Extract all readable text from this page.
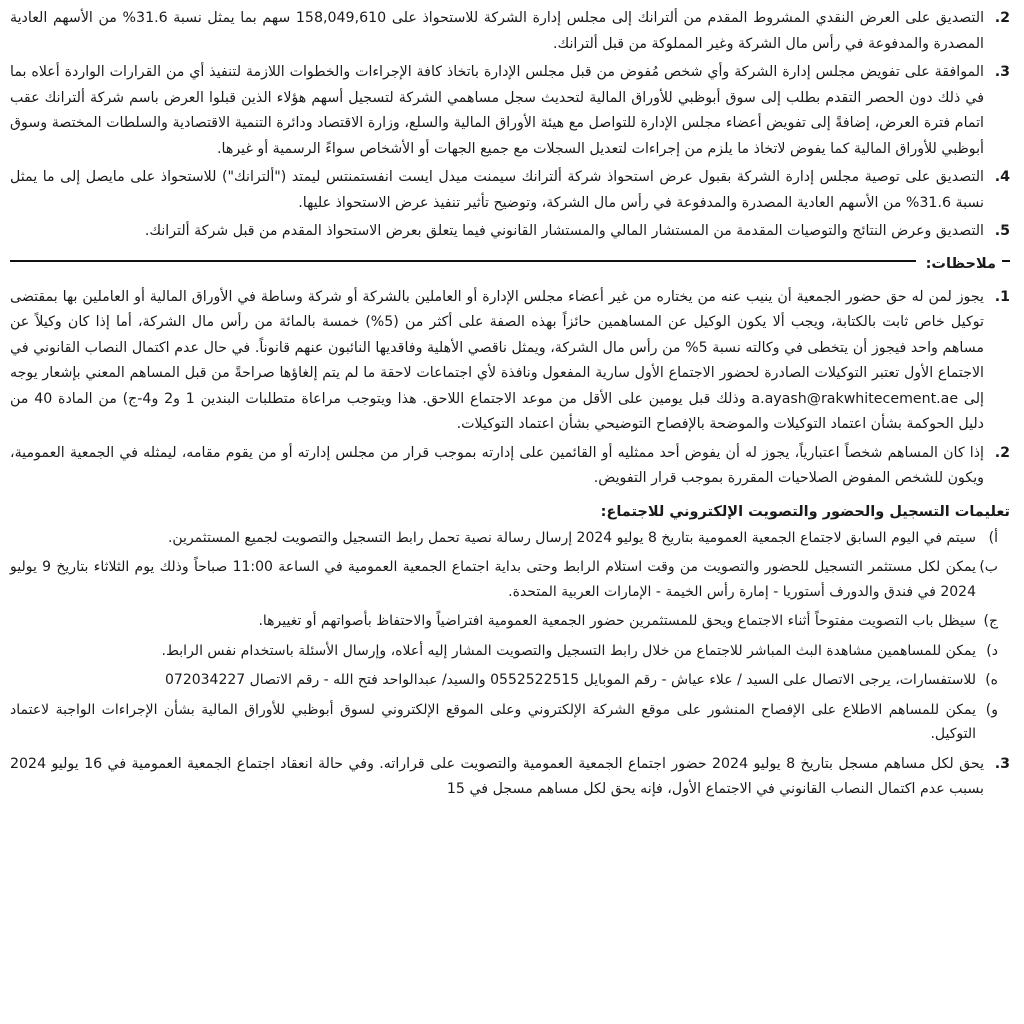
2.
التصديق على العرض النقدي المشروط المقدم من ألترانك إلى مجلس إدارة الشركة للاستحواذ على 158,049,610 سهم بما يمثل نسبة 31.6% من الأسهم العادية المصدرة والمدفوعة في رأس مال الشركة وغير المملوكة من قبل ألترانك.
3.
الموافقة على تفويض مجلس إدارة الشركة وأي شخص مُفوض من قبل مجلس الإدارة باتخاذ كافة الإجراءات والخطوات اللازمة لتنفيذ أي من القرارات الواردة أعلاه بما في ذلك دون الحصر التقدم بطلب إلى سوق أبوظبي للأوراق المالية لتحديث سجل مساهمي الشركة لتسجيل أسهم هؤلاء الذين قبلوا العرض باسم شركة ألترانك عقب اتمام فترة العرض، إضافةً إلى تفويض أعضاء مجلس الإدارة للتواصل مع هيئة الأوراق المالية والسلع، وزارة الاقتصاد ودائرة التنمية الاقتصادية والسلطات المختصة وسوق أبوظبي للأوراق المالية كما يفوض لاتخاذ ما يلزم من إجراءات لتعديل السجلات مع جميع الجهات أو الأشخاص سواءً الرسمية أو غيرها.
4.
التصديق على توصية مجلس إدارة الشركة بقبول عرض استحواذ شركة ألترانك سيمنت ميدل ايست انفستمنتس ليمتد ("ألترانك") للاستحواذ على مايصل إلى ما يمثل نسبة 31.6% من الأسهم العادية المصدرة والمدفوعة في رأس مال الشركة، وتوضيح تأثير تنفيذ عرض الاستحواذ عليها.
5.
التصديق وعرض النتائج والتوصيات المقدمة من المستشار المالي والمستشار القانوني فيما يتعلق بعرض الاستحواذ المقدم من قبل شركة ألترانك.
ملاحظات:
1.
يجوز لمن له حق حضور الجمعية أن ينيب عنه من يختاره من غير أعضاء مجلس الإدارة أو العاملين بالشركة أو شركة وساطة في الأوراق المالية أو العاملين بها بمقتضى توكيل خاص ثابت بالكتابة، ويجب ألا يكون الوكيل عن المساهمين حائزاً بهذه الصفة على أكثر من (5%) خمسة بالمائة من رأس مال الشركة، أما إذا كان وكيلاً عن مساهم واحد فيجوز أن يتخطى في وكالته نسبة 5% من رأس مال الشركة، ويمثل ناقصي الأهلية وفاقديها النائبون عنهم قانوناً. في حال عدم اكتمال النصاب القانوني في الاجتماع الأول تعتبر التوكيلات الصادرة لحضور الاجتماع الأول سارية المفعول ونافذة لأي اجتماعات لاحقة ما لم يتم إلغاؤها صراحةً من قبل المساهم المعني بإشعار يوجه إلى a.ayash@rakwhitecement.ae وذلك قبل يومين على الأقل من موعد الاجتماع اللاحق. هذا ويتوجب مراعاة متطلبات البندين 1 و2 و4-ج) من المادة 40 من دليل الحوكمة بشأن اعتماد التوكيلات والموضحة بالإفصاح التوضيحي بشأن اعتماد التوكيلات.
2.
إذا كان المساهم شخصاً اعتبارياً، يجوز له أن يفوض أحد ممثليه أو القائمين على إدارته بموجب قرار من مجلس إدارته أو من يقوم مقامه، ليمثله في الجمعية العمومية، ويكون للشخص المفوض الصلاحيات المقررة بموجب قرار التفويض.
تعليمات التسجيل والحضور والتصويت الإلكتروني للاجتماع:
أ)
سيتم في اليوم السابق لاجتماع الجمعية العمومية بتاريخ 8 يوليو 2024 إرسال رسالة نصية تحمل رابط التسجيل والتصويت لجميع المستثمرين.
ب)
يمكن لكل مستثمر التسجيل للحضور والتصويت من وقت استلام الرابط وحتى بداية اجتماع الجمعية العمومية في الساعة 11:00 صباحاً وذلك يوم الثلاثاء بتاريخ 9 يوليو 2024 في فندق والدورف أستوريا - إمارة رأس الخيمة - الإمارات العربية المتحدة.
ج)
سيظل باب التصويت مفتوحاً أثناء الاجتماع ويحق للمستثمرين حضور الجمعية العمومية افتراضياً والاحتفاظ بأصواتهم أو تغييرها.
د)
يمكن للمساهمين مشاهدة البث المباشر للاجتماع من خلال رابط التسجيل والتصويت المشار إليه أعلاه، وإرسال الأسئلة باستخدام نفس الرابط.
ه)
للاستفسارات، يرجى الاتصال على السيد / علاء عياش - رقم الموبايل 0552522515 والسيد/ عبدالواحد فتح الله - رقم الاتصال 072034227
و)
يمكن للمساهم الاطلاع على الإفصاح المنشور على موقع الشركة الإلكتروني وعلى الموقع الإلكتروني لسوق أبوظبي للأوراق المالية بشأن الإجراءات الواجبة لاعتماد التوكيل.
3.
يحق لكل مساهم مسجل بتاريخ 8 يوليو 2024 حضور اجتماع الجمعية العمومية والتصويت على قراراته. وفي حالة انعقاد اجتماع الجمعية العمومية في 16 يوليو 2024 بسبب عدم اكتمال النصاب القانوني في الاجتماع الأول، فإنه يحق لكل مساهم مسجل في 15
